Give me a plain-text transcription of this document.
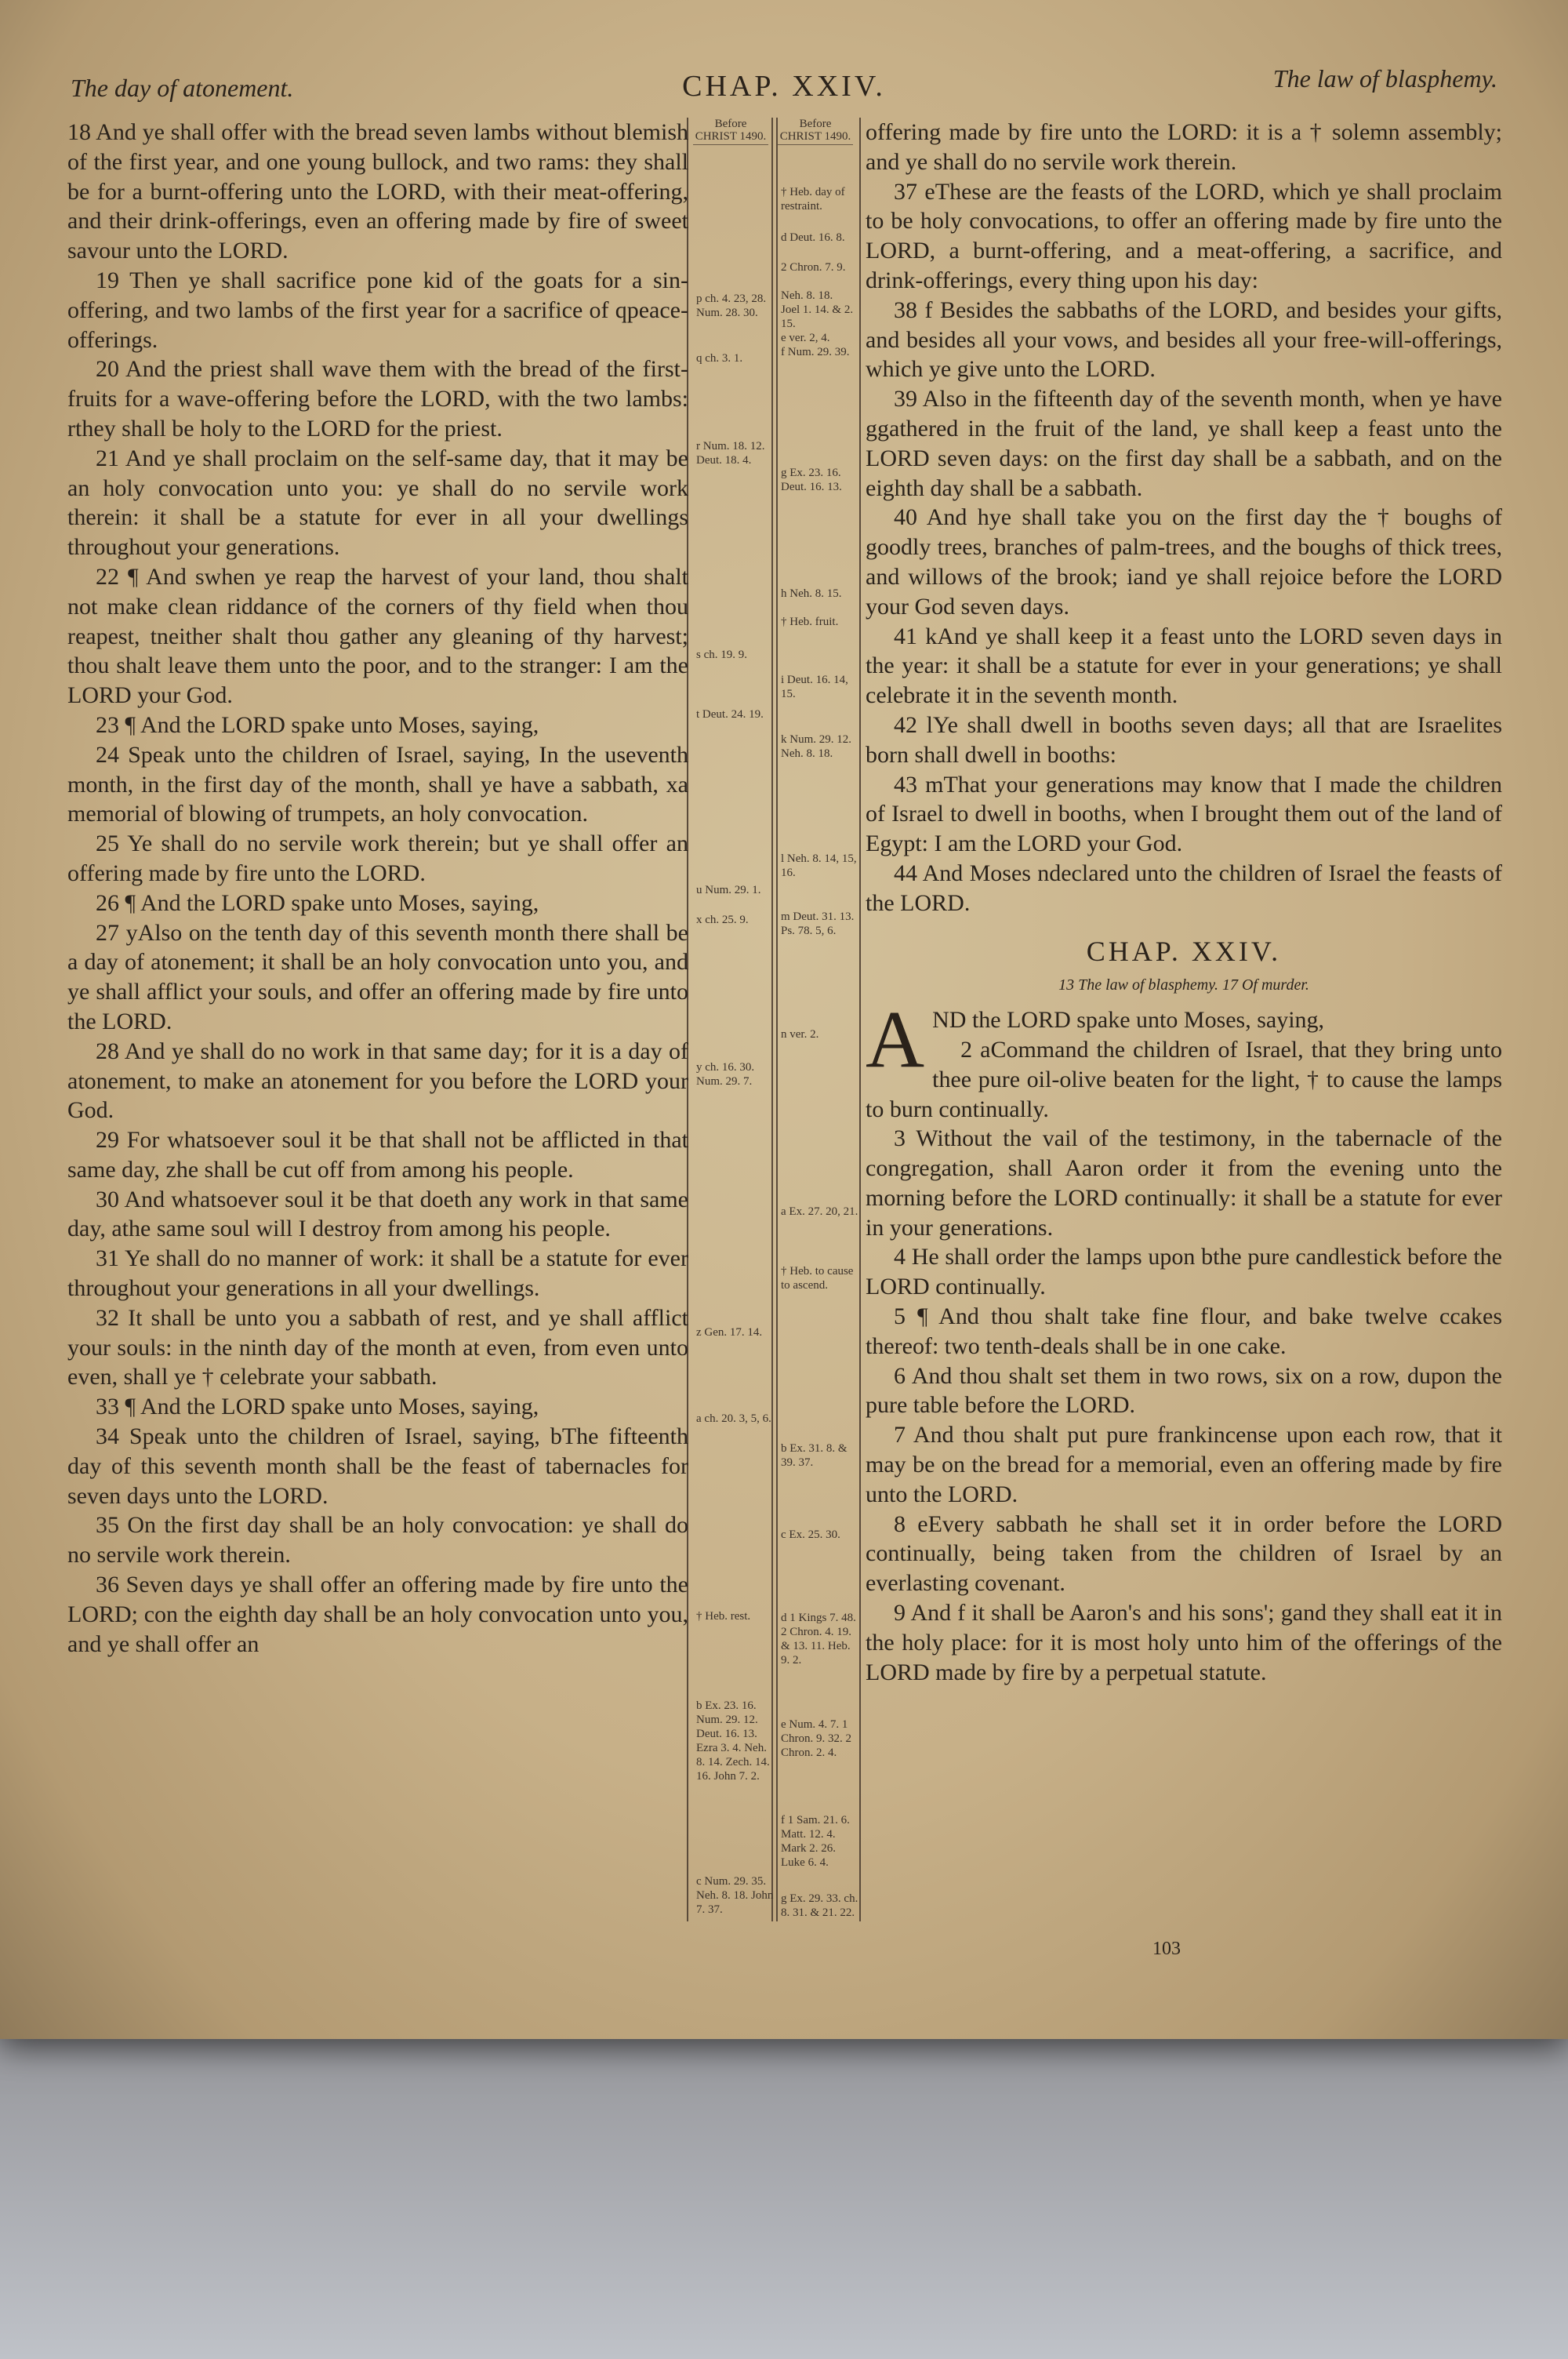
The day of atonement.	CHAP. XXIV.	The law of blasphemy.

18 And ye shall offer with the bread seven lambs without blemish of the first year, and one young bullock, and two rams: they shall be for a burnt-offering unto the LORD, with their meat-offering, and their drink-offerings, even an offering made by fire of sweet savour unto the LORD.

19 Then ye shall sacrifice pone kid of the goats for a sin-offering, and two lambs of the first year for a sacrifice of qpeace-offerings.

20 And the priest shall wave them with the bread of the first-fruits for a wave-offering before the LORD, with the two lambs: rthey shall be holy to the LORD for the priest.

21 And ye shall proclaim on the self-same day, that it may be an holy convocation unto you: ye shall do no servile work therein: it shall be a statute for ever in all your dwellings throughout your generations.

22 ¶ And swhen ye reap the harvest of your land, thou shalt not make clean riddance of the corners of thy field when thou reapest, tneither shalt thou gather any gleaning of thy harvest; thou shalt leave them unto the poor, and to the stranger: I am the LORD your God.

23 ¶ And the LORD spake unto Moses, saying,

24 Speak unto the children of Israel, saying, In the useventh month, in the first day of the month, shall ye have a sabbath, xa memorial of blowing of trumpets, an holy convocation.

25 Ye shall do no servile work therein; but ye shall offer an offering made by fire unto the LORD.

26 ¶ And the LORD spake unto Moses, saying,

27 yAlso on the tenth day of this seventh month there shall be a day of atonement; it shall be an holy convocation unto you, and ye shall afflict your souls, and offer an offering made by fire unto the LORD.

28 And ye shall do no work in that same day; for it is a day of atonement, to make an atonement for you before the LORD your God.

29 For whatsoever soul it be that shall not be afflicted in that same day, zhe shall be cut off from among his people.

30 And whatsoever soul it be that doeth any work in that same day, athe same soul will I destroy from among his people.

31 Ye shall do no manner of work: it shall be a statute for ever throughout your generations in all your dwellings.

32 It shall be unto you a sabbath of rest, and ye shall afflict your souls: in the ninth day of the month at even, from even unto even, shall ye † celebrate your sabbath.

33 ¶ And the LORD spake unto Moses, saying,

34 Speak unto the children of Israel, saying, bThe fifteenth day of this seventh month shall be the feast of tabernacles for seven days unto the LORD.

35 On the first day shall be an holy convocation: ye shall do no servile work therein.

36 Seven days ye shall offer an offering made by fire unto the LORD; con the eighth day shall be an holy convocation unto you, and ye shall offer an

Before CHRIST 1490.
p ch. 4. 23, 28. Num. 28. 30.
q ch. 3. 1.
r Num. 18. 12. Deut. 18. 4.
s ch. 19. 9.
t Deut. 24. 19.
u Num. 29. 1.
x ch. 25. 9.
y ch. 16. 30. Num. 29. 7.
z Gen. 17. 14.
a ch. 20. 3, 5, 6.
† Heb. rest.
b Ex. 23. 16. Num. 29. 12. Deut. 16. 13. Ezra 3. 4. Neh. 8. 14. Zech. 14. 16. John 7. 2.
c Num. 29. 35. Neh. 8. 18. John 7. 37.
Before CHRIST 1490.
† Heb. day of restraint.
d Deut. 16. 8.
2 Chron. 7. 9.
Neh. 8. 18.
Joel 1. 14. & 2. 15.
e ver. 2, 4.
f Num. 29. 39.
g Ex. 23. 16. Deut. 16. 13.
h Neh. 8. 15.
† Heb. fruit.
i Deut. 16. 14, 15.
k Num. 29. 12. Neh. 8. 18.
l Neh. 8. 14, 15, 16.
m Deut. 31. 13. Ps. 78. 5, 6.
n ver. 2.
a Ex. 27. 20, 21.
† Heb. to cause to ascend.
b Ex. 31. 8. & 39. 37.
c Ex. 25. 30.
d 1 Kings 7. 48. 2 Chron. 4. 19. & 13. 11. Heb. 9. 2.
e Num. 4. 7. 1 Chron. 9. 32. 2 Chron. 2. 4.
f 1 Sam. 21. 6. Matt. 12. 4. Mark 2. 26. Luke 6. 4.
g Ex. 29. 33. ch. 8. 31. & 21. 22.

offering made by fire unto the LORD: it is a † solemn assembly; and ye shall do no servile work therein.

37 eThese are the feasts of the LORD, which ye shall proclaim to be holy convocations, to offer an offering made by fire unto the LORD, a burnt-offering, and a meat-offering, a sacrifice, and drink-offerings, every thing upon his day:

38 f Besides the sabbaths of the LORD, and besides your gifts, and besides all your vows, and besides all your free-will-offerings, which ye give unto the LORD.

39 Also in the fifteenth day of the seventh month, when ye have ggathered in the fruit of the land, ye shall keep a feast unto the LORD seven days: on the first day shall be a sabbath, and on the eighth day shall be a sabbath.

40 And hye shall take you on the first day the † boughs of goodly trees, branches of palm-trees, and the boughs of thick trees, and willows of the brook; iand ye shall rejoice before the LORD your God seven days.

41 kAnd ye shall keep it a feast unto the LORD seven days in the year: it shall be a statute for ever in your generations; ye shall celebrate it in the seventh month.

42 lYe shall dwell in booths seven days; all that are Israelites born shall dwell in booths:

43 mThat your generations may know that I made the children of Israel to dwell in booths, when I brought them out of the land of Egypt: I am the LORD your God.

44 And Moses ndeclared unto the children of Israel the feasts of the LORD.

CHAP. XXIV.
13 The law of blasphemy. 17 Of murder.

AND the LORD spake unto Moses, saying,

2 aCommand the children of Israel, that they bring unto thee pure oil-olive beaten for the light, † to cause the lamps to burn continually.

3 Without the vail of the testimony, in the tabernacle of the congregation, shall Aaron order it from the evening unto the morning before the LORD continually: it shall be a statute for ever in your generations.

4 He shall order the lamps upon bthe pure candlestick before the LORD continually.

5 ¶ And thou shalt take fine flour, and bake twelve ccakes thereof: two tenth-deals shall be in one cake.

6 And thou shalt set them in two rows, six on a row, dupon the pure table before the LORD.

7 And thou shalt put pure frankincense upon each row, that it may be on the bread for a memorial, even an offering made by fire unto the LORD.

8 eEvery sabbath he shall set it in order before the LORD continually, being taken from the children of Israel by an everlasting covenant.

9 And f it shall be Aaron's and his sons'; gand they shall eat it in the holy place: for it is most holy unto him of the offerings of the LORD made by fire by a perpetual statute.

103
